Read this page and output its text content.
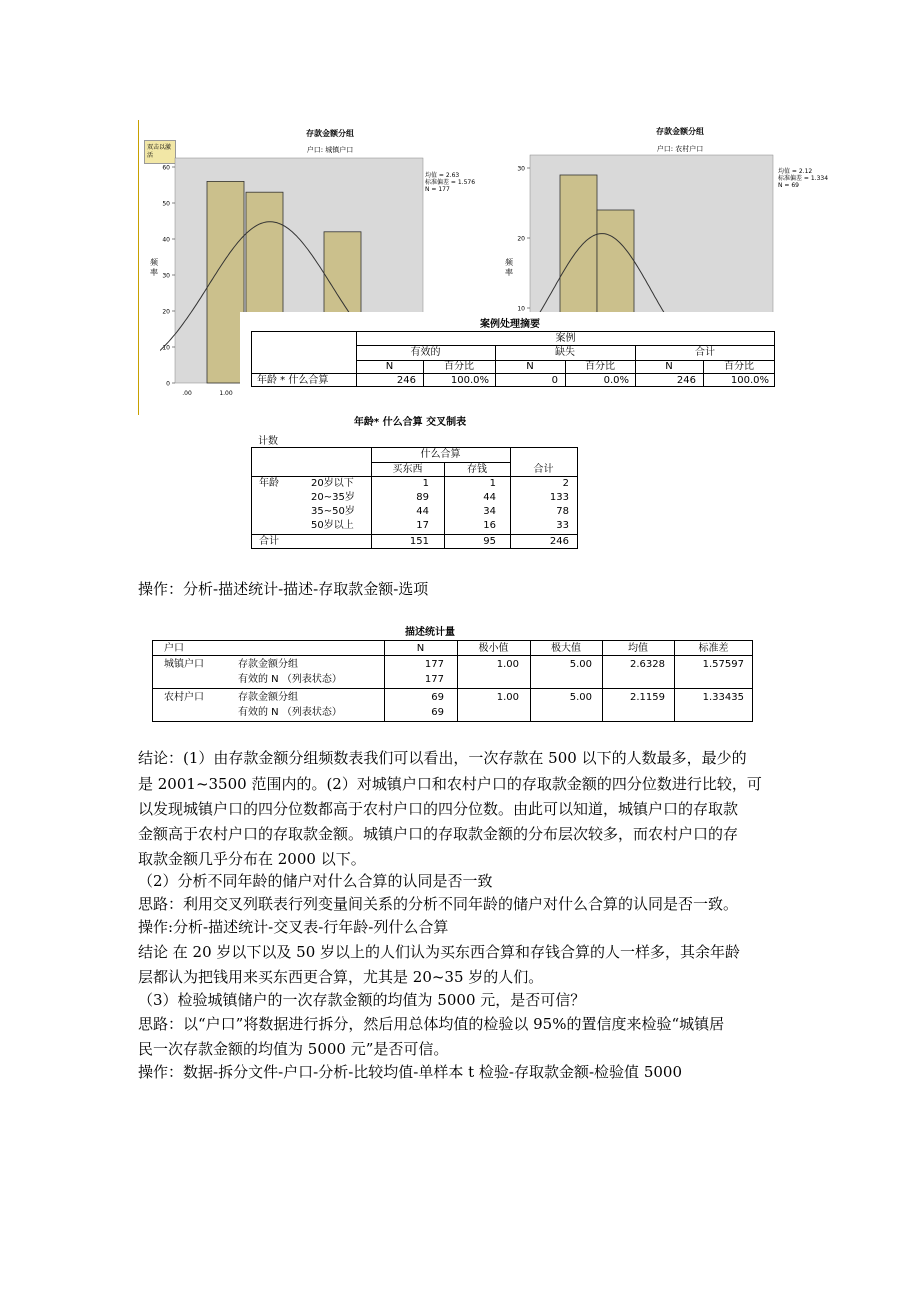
存款金额分组
户口: 城镇户口
双击以激活
均值 = 2.63
标准偏差 = 1.576
N = 177
频率
60
50
40
30
20
10
0
.00	1.00
存款金额分组
户口: 农村户口
均值 = 2.12
标准偏差 = 1.334
N = 69
频率
30
20
10
案例处理摘要
案例
有效的	缺失	合计
N	百分比	N	百分比	N	百分比
年龄 * 什么合算	246	100.0%	0	0.0%	246	100.0%
年龄* 什么合算 交叉制表
计数
什么合算
买东西	存钱	合计
年龄	20岁以下	1	1	2
20~35岁	89	44	133
35~50岁	44	34	78
50岁以上	17	16	33
合计	151	95	246
操作：分析-描述统计-描述-存取款金额-选项
描述统计量
户口	N	极小值	极大值	均值	标准差
城镇户口	存款金额分组	177	1.00	5.00	2.6328	1.57597
有效的 N （列表状态）	177
农村户口	存款金额分组	69	1.00	5.00	2.1159	1.33435
有效的 N （列表状态）	69
结论：(1）由存款金额分组频数表我们可以看出，一次存款在 500 以下的人数最多，最少的
是 2001~3500 范围内的。(2）对城镇户口和农村户口的存取款金额的四分位数进行比较，可
以发现城镇户口的四分位数都高于农村户口的四分位数。由此可以知道，城镇户口的存取款
金额高于农村户口的存取款金额。城镇户口的存取款金额的分布层次较多，而农村户口的存
取款金额几乎分布在 2000 以下。
（2）分析不同年龄的储户对什么合算的认同是否一致
思路：利用交叉列联表行列变量间关系的分析不同年龄的储户对什么合算的认同是否一致。
操作:分析-描述统计-交叉表-行年龄-列什么合算
结论 在 20 岁以下以及 50 岁以上的人们认为买东西合算和存钱合算的人一样多，其余年龄
层都认为把钱用来买东西更合算，尤其是 20~35 岁的人们。
（3）检验城镇储户的一次存款金额的均值为 5000 元，是否可信？
思路：以“户口”将数据进行拆分，然后用总体均值的检验以 95%的置信度来检验“城镇居
民一次存款金额的均值为 5000 元”是否可信。
操作：数据-拆分文件-户口-分析-比较均值-单样本 t 检验-存取款金额-检验值 5000
